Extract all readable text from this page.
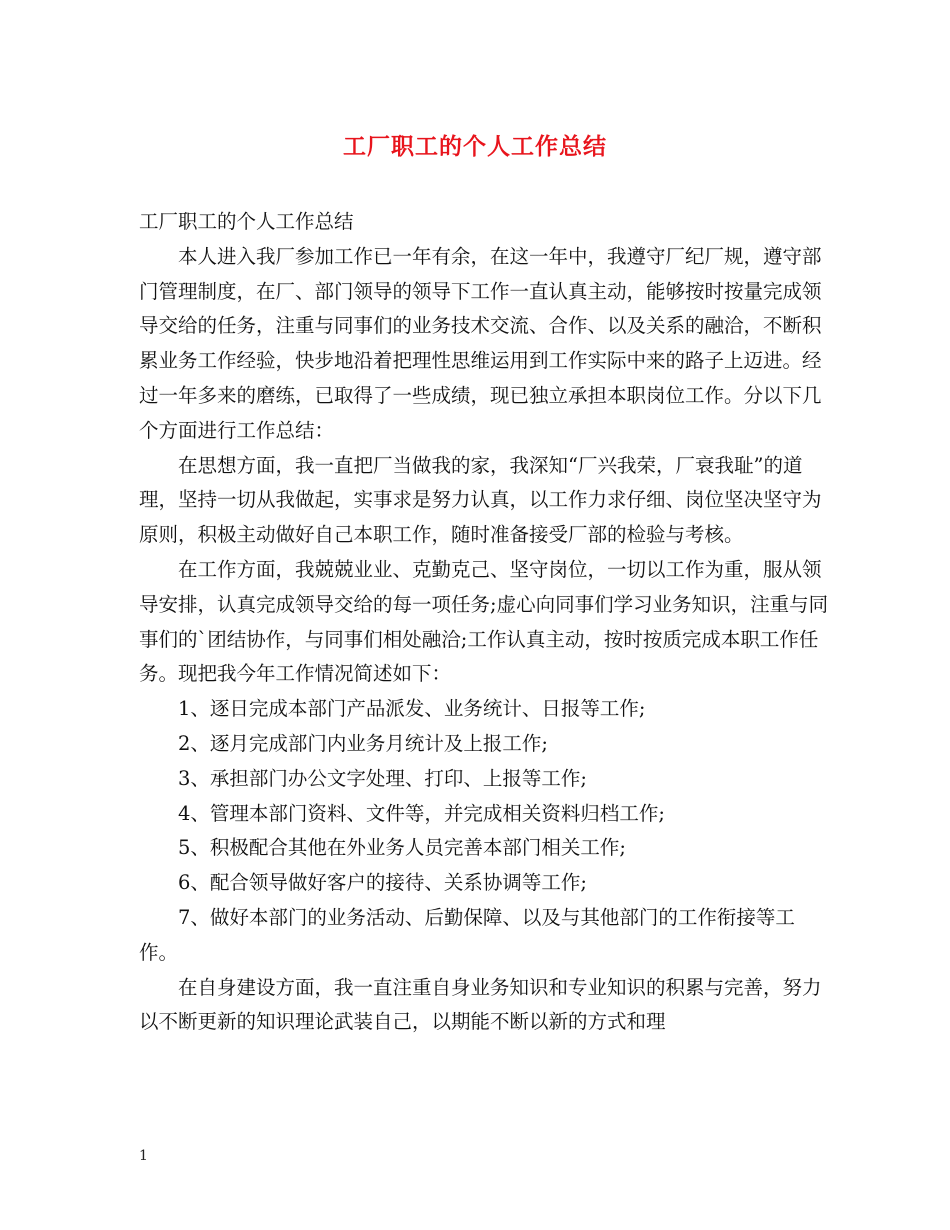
工厂职工的个人工作总结

工厂职工的个人工作总结

本人进入我厂参加工作已一年有余，在这一年中，我遵守厂纪厂规，遵守部门管理制度，在厂、部门领导的领导下工作一直认真主动，能够按时按量完成领导交给的任务，注重与同事们的业务技术交流、合作、以及关系的融洽，不断积累业务工作经验，快步地沿着把理性思维运用到工作实际中来的路子上迈进。经过一年多来的磨练，已取得了一些成绩，现已独立承担本职岗位工作。分以下几个方面进行工作总结：

在思想方面，我一直把厂当做我的家，我深知“厂兴我荣，厂衰我耻”的道理，坚持一切从我做起，实事求是努力认真，以工作力求仔细、岗位坚决坚守为原则，积极主动做好自己本职工作，随时准备接受厂部的检验与考核。

在工作方面，我兢兢业业、克勤克己、坚守岗位，一切以工作为重，服从领导安排，认真完成领导交给的每一项任务;虚心向同事们学习业务知识，注重与同事们的`团结协作，与同事们相处融洽;工作认真主动，按时按质完成本职工作任务。现把我今年工作情况简述如下：

1、逐日完成本部门产品派发、业务统计、日报等工作;

2、逐月完成部门内业务月统计及上报工作;

3、承担部门办公文字处理、打印、上报等工作;

4、管理本部门资料、文件等，并完成相关资料归档工作;

5、积极配合其他在外业务人员完善本部门相关工作;

6、配合领导做好客户的接待、关系协调等工作;

7、做好本部门的业务活动、后勤保障、以及与其他部门的工作衔接等工作。

在自身建设方面，我一直注重自身业务知识和专业知识的积累与完善，努力以不断更新的知识理论武装自己，以期能不断以新的方式和理

1
